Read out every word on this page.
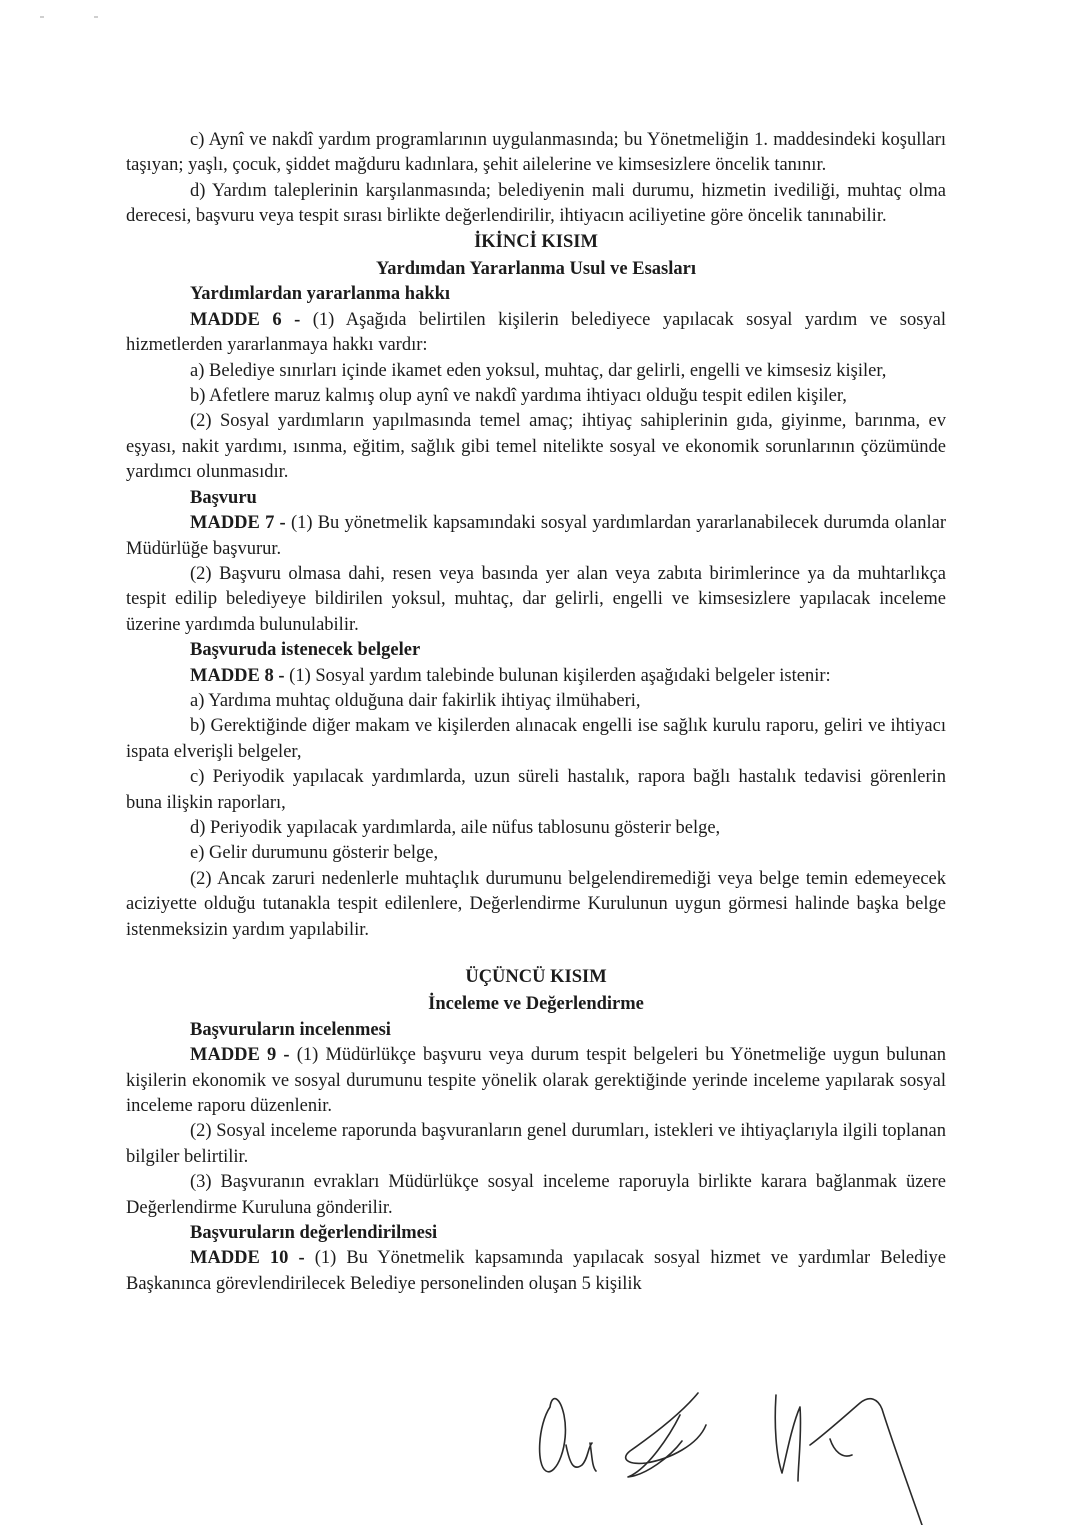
c) Aynî ve nakdî yardım programlarının uygulanmasında; bu Yönetmeliğin 1. maddesindeki koşulları taşıyan; yaşlı, çocuk, şiddet mağduru kadınlara, şehit ailelerine ve kimsesizlere öncelik tanınır.

d) Yardım taleplerinin karşılanmasında; belediyenin mali durumu, hizmetin ivediliği, muhtaç olma derecesi, başvuru veya tespit sırası birlikte değerlendirilir, ihtiyacın aciliyetine göre öncelik tanınabilir.

İKİNCİ KISIM

Yardımdan Yararlanma Usul ve Esasları

Yardımlardan yararlanma hakkı

MADDE 6 - (1) Aşağıda belirtilen kişilerin belediyece yapılacak sosyal yardım ve sosyal hizmetlerden yararlanmaya hakkı vardır:

a) Belediye sınırları içinde ikamet eden yoksul, muhtaç, dar gelirli, engelli ve kimsesiz kişiler,

b) Afetlere maruz kalmış olup aynî ve nakdî yardıma ihtiyacı olduğu tespit edilen kişiler,

(2) Sosyal yardımların yapılmasında temel amaç; ihtiyaç sahiplerinin gıda, giyinme, barınma, ev eşyası, nakit yardımı, ısınma, eğitim, sağlık gibi temel nitelikte sosyal ve ekonomik sorunlarının çözümünde yardımcı olunmasıdır.

Başvuru

MADDE 7 - (1) Bu yönetmelik kapsamındaki sosyal yardımlardan yararlanabilecek durumda olanlar Müdürlüğe başvurur.

(2) Başvuru olmasa dahi, resen veya basında yer alan veya zabıta birimlerince ya da muhtarlıkça tespit edilip belediyeye bildirilen yoksul, muhtaç, dar gelirli, engelli ve kimsesizlere yapılacak inceleme üzerine yardımda bulunulabilir.

Başvuruda istenecek belgeler

MADDE 8 - (1) Sosyal yardım talebinde bulunan kişilerden aşağıdaki belgeler istenir:

a) Yardıma muhtaç olduğuna dair fakirlik ihtiyaç ilmühaberi,

b) Gerektiğinde diğer makam ve kişilerden alınacak engelli ise sağlık kurulu raporu, geliri ve ihtiyacı ispata elverişli belgeler,

c) Periyodik yapılacak yardımlarda, uzun süreli hastalık, rapora bağlı hastalık tedavisi görenlerin buna ilişkin raporları,

d) Periyodik yapılacak yardımlarda, aile nüfus tablosunu gösterir belge,

e) Gelir durumunu gösterir belge,

(2) Ancak zaruri nedenlerle muhtaçlık durumunu belgelendiremediği veya belge temin edemeyecek aciziyette olduğu tutanakla tespit edilenlere, Değerlendirme Kurulunun uygun görmesi halinde başka belge istenmeksizin yardım yapılabilir.

ÜÇÜNCÜ KISIM

İnceleme ve Değerlendirme

Başvuruların incelenmesi

MADDE 9 - (1) Müdürlükçe başvuru veya durum tespit belgeleri bu Yönetmeliğe uygun bulunan kişilerin ekonomik ve sosyal durumunu tespite yönelik olarak gerektiğinde yerinde inceleme yapılarak sosyal inceleme raporu düzenlenir.

(2) Sosyal inceleme raporunda başvuranların genel durumları, istekleri ve ihtiyaçlarıyla ilgili toplanan bilgiler belirtilir.

(3) Başvuranın evrakları Müdürlükçe sosyal inceleme raporuyla birlikte karara bağlanmak üzere Değerlendirme Kuruluna gönderilir.

Başvuruların değerlendirilmesi

MADDE 10 - (1) Bu Yönetmelik kapsamında yapılacak sosyal hizmet ve yardımlar Belediye Başkanınca görevlendirilecek Belediye personelinden oluşan 5 kişilik
